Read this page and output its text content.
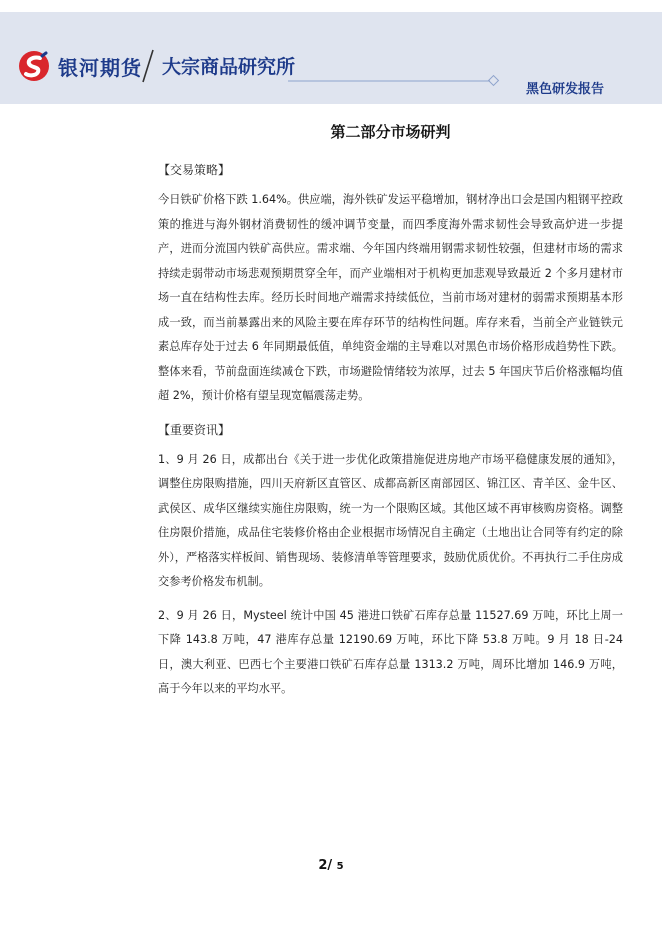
银河期货 大宗商品研究所
黑色研发报告
第二部分市场研判
【交易策略】

今日铁矿价格下跌 1.64%。供应端，海外铁矿发运平稳增加，钢材净出口会是国内粗钢平控政策的推进与海外钢材消费韧性的缓冲调节变量，而四季度海外需求韧性会导致高炉进一步提产，进而分流国内铁矿高供应。需求端、今年国内终端用钢需求韧性较强，但建材市场的需求持续走弱带动市场悲观预期贯穿全年，而产业端相对于机构更加悲观导致最近 2 个多月建材市场一直在结构性去库。经历长时间地产端需求持续低位，当前市场对建材的弱需求预期基本形成一致，而当前暴露出来的风险主要在库存环节的结构性问题。库存来看，当前全产业链铁元素总库存处于过去 6 年同期最低值，单纯资金端的主导难以对黑色市场价格形成趋势性下跌。整体来看，节前盘面连续减仓下跌，市场避险情绪较为浓厚，过去 5 年国庆节后价格涨幅均值超 2%，预计价格有望呈现宽幅震荡走势。

【重要资讯】

1、9 月 26 日，成都出台《关于进一步优化政策措施促进房地产市场平稳健康发展的通知》，调整住房限购措施，四川天府新区直管区、成都高新区南部园区、锦江区、青羊区、金牛区、武侯区、成华区继续实施住房限购，统一为一个限购区域。其他区域不再审核购房资格。调整住房限价措施，成品住宅装修价格由企业根据市场情况自主确定（土地出让合同等有约定的除外），严格落实样板间、销售现场、装修清单等管理要求，鼓励优质优价。不再执行二手住房成交参考价格发布机制。

2、9 月 26 日，Mysteel 统计中国 45 港进口铁矿石库存总量 11527.69 万吨，环比上周一下降 143.8 万吨，47 港库存总量 12190.69 万吨，环比下降 53.8 万吨。9 月 18 日-24 日，澳大利亚、巴西七个主要港口铁矿石库存总量 1313.2 万吨，周环比增加 146.9 万吨，高于今年以来的平均水平。

2/ 5
